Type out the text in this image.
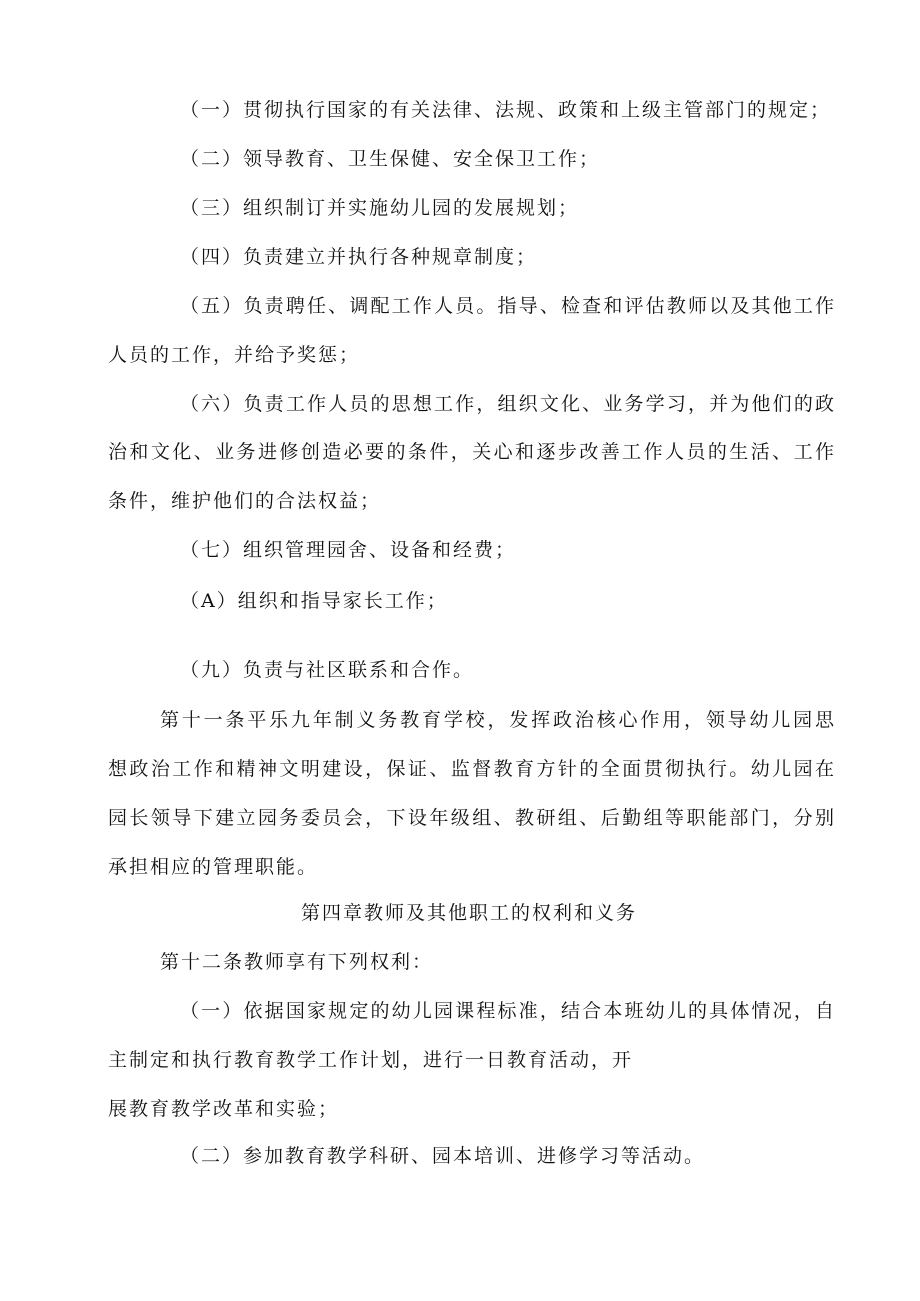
（一）贯彻执行国家的有关法律、法规、政策和上级主管部门的规定；
（二）领导教育、卫生保健、安全保卫工作；
（三）组织制订并实施幼儿园的发展规划；
（四）负责建立并执行各种规章制度；
（五）负责聘任、调配工作人员。指导、检查和评估教师以及其他工作
人员的工作，并给予奖惩；
（六）负责工作人员的思想工作，组织文化、业务学习，并为他们的政
治和文化、业务进修创造必要的条件，关心和逐步改善工作人员的生活、工作
条件，维护他们的合法权益；
（七）组织管理园舍、设备和经费；
（A）组织和指导家长工作；
（九）负责与社区联系和合作。
第十一条平乐九年制义务教育学校，发挥政治核心作用，领导幼儿园思
想政治工作和精神文明建设，保证、监督教育方针的全面贯彻执行。幼儿园在
园长领导下建立园务委员会，下设年级组、教研组、后勤组等职能部门，分别
承担相应的管理职能。
第四章教师及其他职工的权利和义务
第十二条教师享有下列权利：
（一）依据国家规定的幼儿园课程标准，结合本班幼儿的具体情况，自
主制定和执行教育教学工作计划，进行一日教育活动，开
展教育教学改革和实验；
（二）参加教育教学科研、园本培训、进修学习等活动。
